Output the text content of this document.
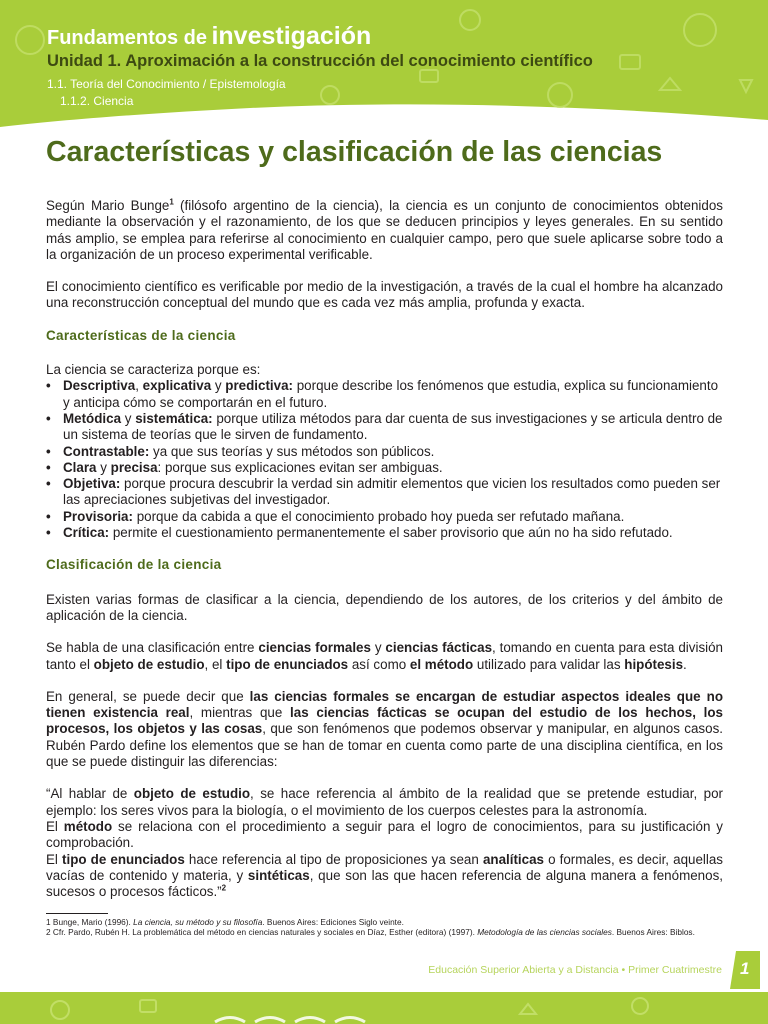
Fundamentos de investigación
Unidad 1. Aproximación a la construcción del conocimiento científico
1.1. Teoría del Conocimiento / Epistemología
1.1.2. Ciencia
Características y clasificación de las ciencias

Según Mario Bunge$^1$ (filósofo argentino de la ciencia), la ciencia es un conjunto de conocimientos obtenidos mediante la observación y el razonamiento, de los que se deducen principios y leyes generales. En su sentido más amplio, se emplea para referirse al conocimiento en cualquier campo, pero que suele aplicarse sobre todo a la organización de un proceso experimental verificable.

El conocimiento científico es verificable por medio de la investigación, a través de la cual el hombre ha alcanzado una reconstrucción conceptual del mundo que es cada vez más amplia, profunda y exacta.

Características de la ciencia
La ciencia se caracteriza porque es:
• Descriptiva, explicativa y predictiva: porque describe los fenómenos que estudia, explica su funcionamiento y anticipa cómo se comportarán en el futuro.
• Metódica y sistemática: porque utiliza métodos para dar cuenta de sus investigaciones y se articula dentro de un sistema de teorías que le sirven de fundamento.
• Contrastable: ya que sus teorías y sus métodos son públicos.
• Clara y precisa: porque sus explicaciones evitan ser ambiguas.
• Objetiva: porque procura descubrir la verdad sin admitir elementos que vicien los resultados como pueden ser las apreciaciones subjetivas del investigador.
• Provisoria: porque da cabida a que el conocimiento probado hoy pueda ser refutado mañana.
• Crítica: permite el cuestionamiento permanentemente el saber provisorio que aún no ha sido refutado.
Clasificación de la ciencia

Existen varias formas de clasificar a la ciencia, dependiendo de los autores, de los criterios y del ámbito de aplicación de la ciencia.

Se habla de una clasificación entre ciencias formales y ciencias fácticas, tomando en cuenta para esta división tanto el objeto de estudio, el tipo de enunciados así como el método utilizado para validar las hipótesis.

En general, se puede decir que las ciencias formales se encargan de estudiar aspectos ideales que no tienen existencia real, mientras que las ciencias fácticas se ocupan del estudio de los hechos, los procesos, los objetos y las cosas, que son fenómenos que podemos observar y manipular, en algunos casos. Rubén Pardo define los elementos que se han de tomar en cuenta como parte de una disciplina científica, en los que se puede distinguir las diferencias:

“Al hablar de objeto de estudio, se hace referencia al ámbito de la realidad que se pretende estudiar, por ejemplo: los seres vivos para la biología, o el movimiento de los cuerpos celestes para la astronomía.

El método se relaciona con el procedimiento a seguir para el logro de conocimientos, para su justificación y comprobación.

El tipo de enunciados hace referencia al tipo de proposiciones ya sean analíticas o formales, es decir, aquellas vacías de contenido y materia, y sintéticas, que son las que hacen referencia de alguna manera a fenómenos, sucesos o procesos fácticos.”$^2$

1 Bunge, Mario (1996). La ciencia, su método y su filosofía. Buenos Aires: Ediciones Siglo veinte.
2 Cfr. Pardo, Rubén H. La problemática del método en ciencias naturales y sociales en Díaz, Esther (editora) (1997). Metodología de las ciencias sociales. Buenos Aires: Biblos.
Educación Superior Abierta y a Distancia • Primer Cuatrimestre 1
